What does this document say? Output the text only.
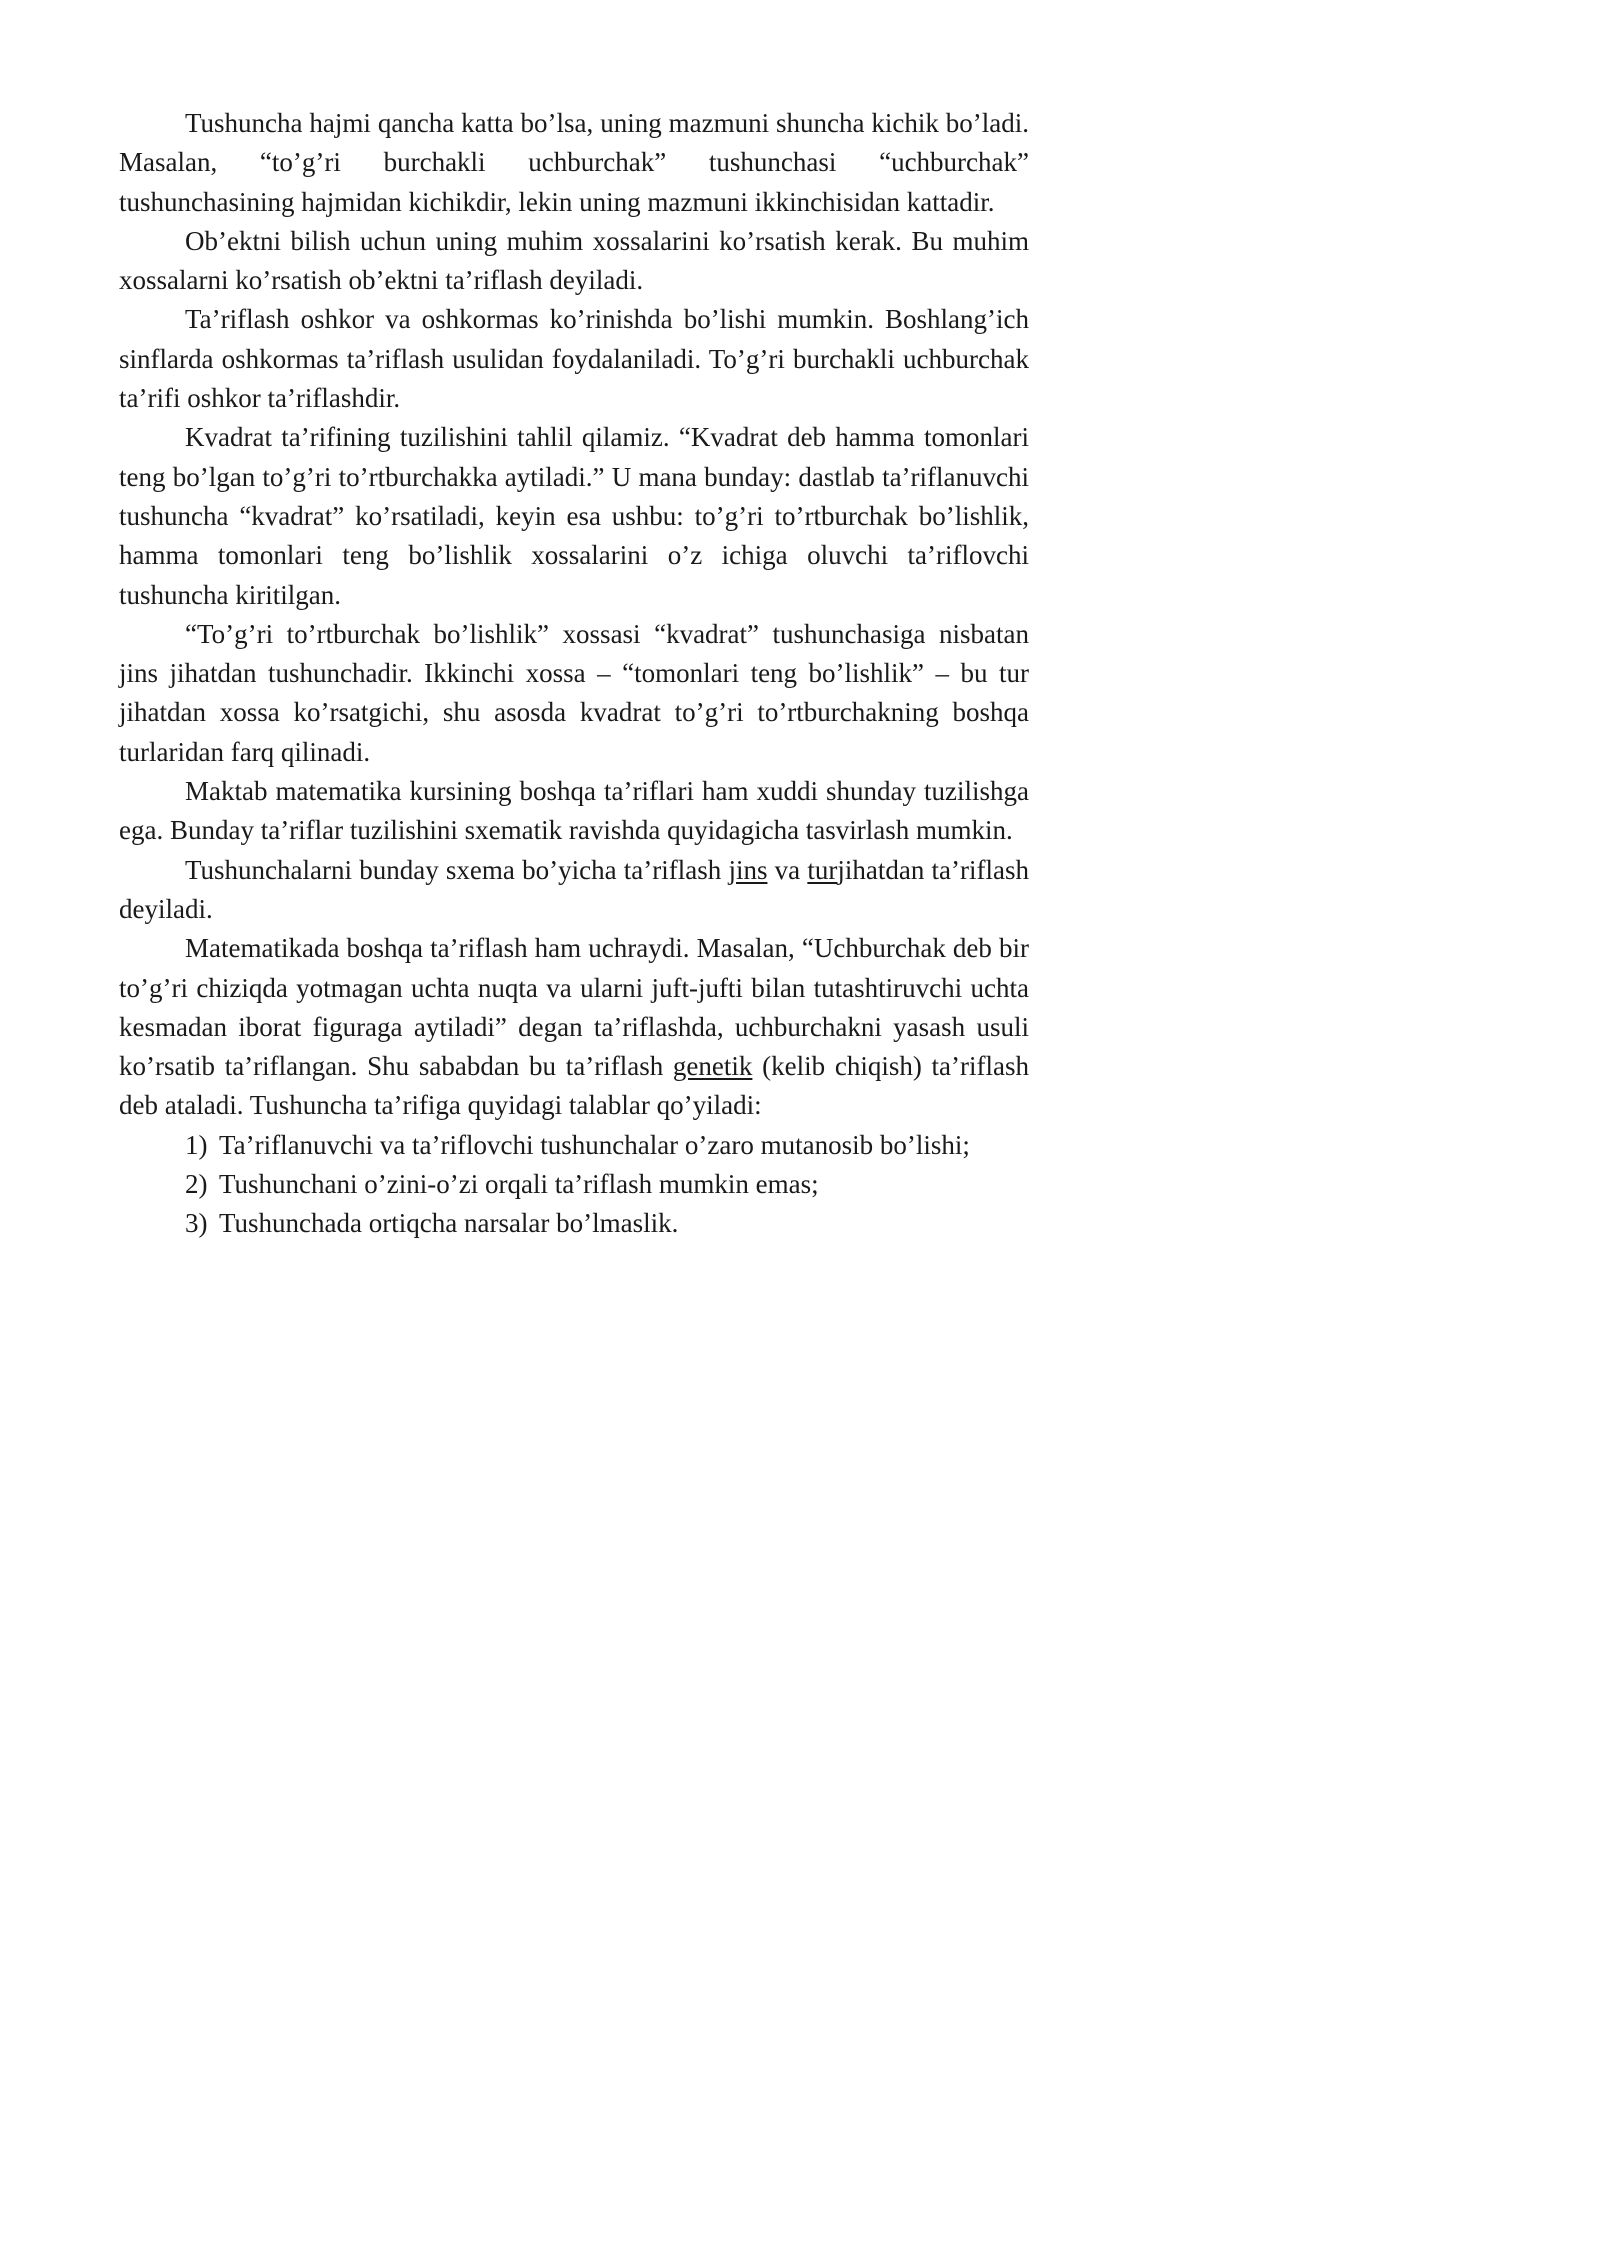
Tushuncha hajmi qancha katta bo’lsa, uning mazmuni shuncha kichik bo’ladi. Masalan, “to’g’ri burchakli uchburchak” tushunchasi “uchburchak” tushunchasining hajmidan kichikdir, lekin uning mazmuni ikkinchisidan kattadir.

Ob’ektni bilish uchun uning muhim xossalarini ko’rsatish kerak. Bu muhim xossalarni ko’rsatish ob’ektni ta’riflash deyiladi.

Ta’riflash oshkor va oshkormas ko’rinishda bo’lishi mumkin. Boshlang’ich sinflarda oshkormas ta’riflash usulidan foydalaniladi. To’g’ri burchakli uchburchak ta’rifi oshkor ta’riflashdir.

Kvadrat ta’rifining tuzilishini tahlil qilamiz. “Kvadrat deb hamma tomonlari teng bo’lgan to’g’ri to’rtburchakka aytiladi.” U mana bunday: dastlab ta’riflanuvchi tushuncha “kvadrat” ko’rsatiladi, keyin esa ushbu: to’g’ri to’rtburchak bo’lishlik, hamma tomonlari teng bo’lishlik xossalarini o’z ichiga oluvchi ta’riflovchi tushuncha kiritilgan.

“To’g’ri to’rtburchak bo’lishlik” xossasi “kvadrat” tushunchasiga nisbatan jins jihatdan tushunchadir. Ikkinchi xossa – “tomonlari teng bo’lishlik” – bu tur jihatdan xossa ko’rsatgichi, shu asosda kvadrat to’g’ri to’rtburchakning boshqa turlaridan farq qilinadi.

Maktab matematika kursining boshqa ta’riflari ham xuddi shunday tuzilishga ega. Bunday ta’riflar tuzilishini sxematik ravishda quyidagicha tasvirlash mumkin.

Tushunchalarni bunday sxema bo’yicha ta’riflash jins va turjihatdan ta’riflash deyiladi.

Matematikada boshqa ta’riflash ham uchraydi. Masalan, “Uchburchak deb bir to’g’ri chiziqda yotmagan uchta nuqta va ularni juft-jufti bilan tutashtiruvchi uchta kesmadan iborat figuraga aytiladi” degan ta’riflashda, uchburchakni yasash usuli ko’rsatib ta’riflangan. Shu sababdan bu ta’riflash genetik (kelib chiqish) ta’riflash deb ataladi. Tushuncha ta’rifiga quyidagi talablar qo’yiladi:

1) Ta’riflanuvchi va ta’riflovchi tushunchalar o’zaro mutanosib bo’lishi;
2) Tushunchani o’zini-o’zi orqali ta’riflash mumkin emas;
3) Tushunchada ortiqcha narsalar bo’lmaslik.
